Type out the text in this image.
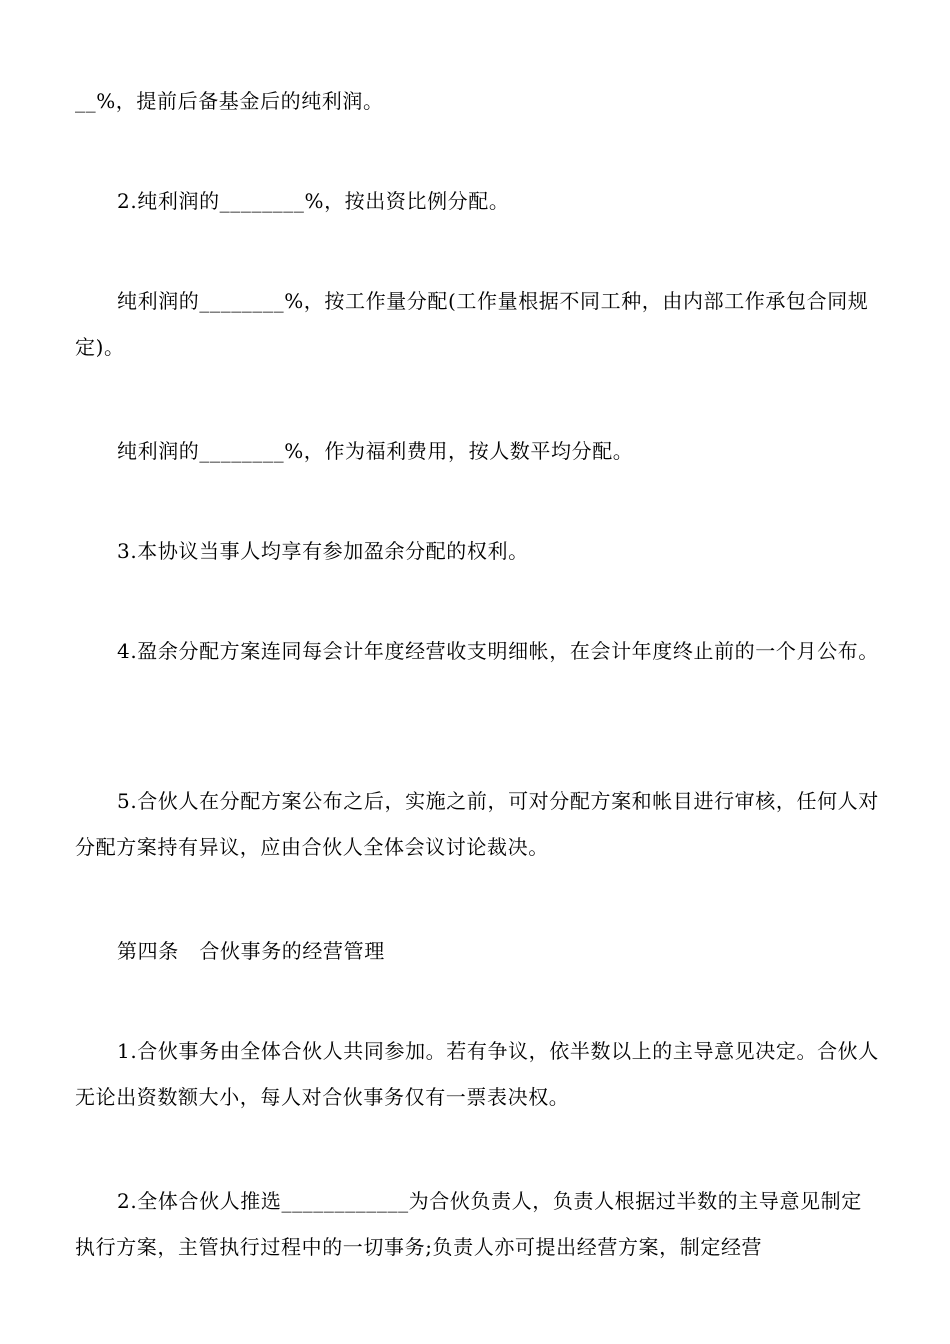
__%，提前后备基金后的纯利润。

2.纯利润的________%，按出资比例分配。

纯利润的________%，按工作量分配(工作量根据不同工种，由内部工作承包合同规定)。

纯利润的________%，作为福利费用，按人数平均分配。

3.本协议当事人均享有参加盈余分配的权利。

4.盈余分配方案连同每会计年度经营收支明细帐，在会计年度终止前的一个月公布。

5.合伙人在分配方案公布之后，实施之前，可对分配方案和帐目进行审核，任何人对分配方案持有异议，应由合伙人全体会议讨论裁决。

第四条　合伙事务的经营管理

1.合伙事务由全体合伙人共同参加。若有争议，依半数以上的主导意见决定。合伙人无论出资数额大小，每人对合伙事务仅有一票表决权。

2.全体合伙人推选____________为合伙负责人，负责人根据过半数的主导意见制定执行方案，主管执行过程中的一切事务;负责人亦可提出经营方案，制定经营
